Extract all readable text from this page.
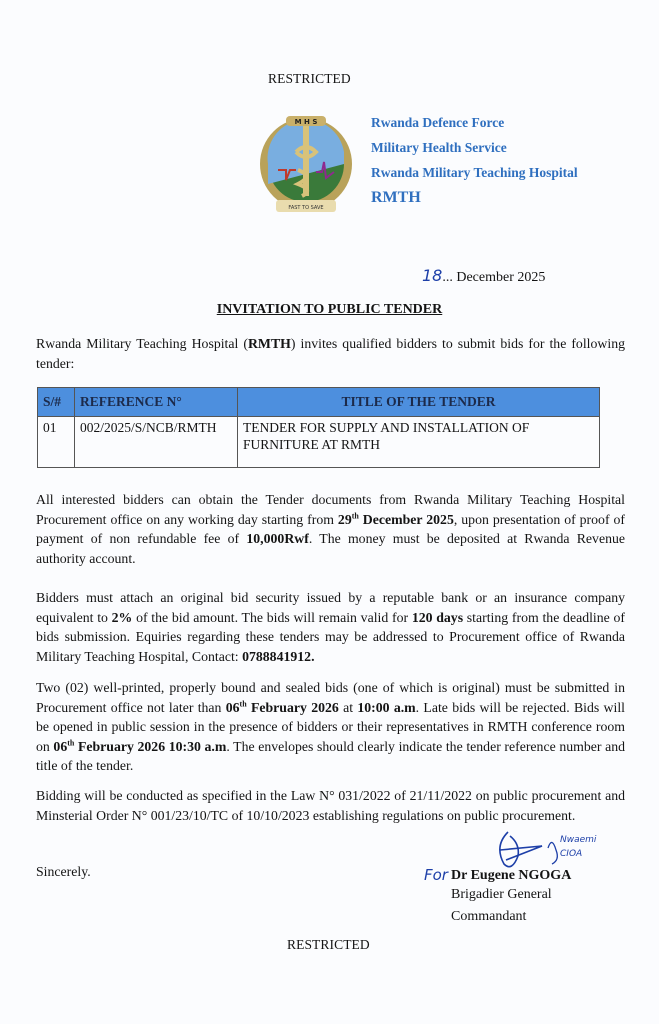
RESTRICTED
M H S
FAST TO SAVE
Rwanda Defence Force
Military Health Service
Rwanda Military Teaching Hospital
RMTH
18... December 2025
INVITATION TO PUBLIC TENDER
Rwanda Military Teaching Hospital (RMTH) invites qualified bidders to submit bids for the following tender:
S/#	REFERENCE N°	TITLE OF THE TENDER
01	002/2025/S/NCB/RMTH	TENDER FOR SUPPLY AND INSTALLATION OF FURNITURE AT RMTH
All interested bidders can obtain the Tender documents from Rwanda Military Teaching Hospital Procurement office on any working day starting from 29th December 2025, upon presentation of proof of payment of non refundable fee of 10,000Rwf. The money must be deposited at Rwanda Revenue authority account.
Bidders must attach an original bid security issued by a reputable bank or an insurance company equivalent to 2% of the bid amount. The bids will remain valid for 120 days starting from the deadline of bids submission. Equiries regarding these tenders may be addressed to Procurement office of Rwanda Military Teaching Hospital, Contact: 0788841912.
Two (02) well-printed, properly bound and sealed bids (one of which is original) must be submitted in Procurement office not later than 06th February 2026 at 10:00 a.m. Late bids will be rejected. Bids will be opened in public session in the presence of bidders or their representatives in RMTH conference room on 06th February 2026 10:30 a.m. The envelopes should clearly indicate the tender reference number and title of the tender.
Bidding will be conducted as specified in the Law N° 031/2022 of 21/11/2022 on public procurement and Minsterial Order N° 001/23/10/TC of 10/10/2023 establishing regulations on public procurement.
Sincerely.
Nwaemi
CIOA
For Dr Eugene NGOGA
Brigadier General
Commandant
RESTRICTED
